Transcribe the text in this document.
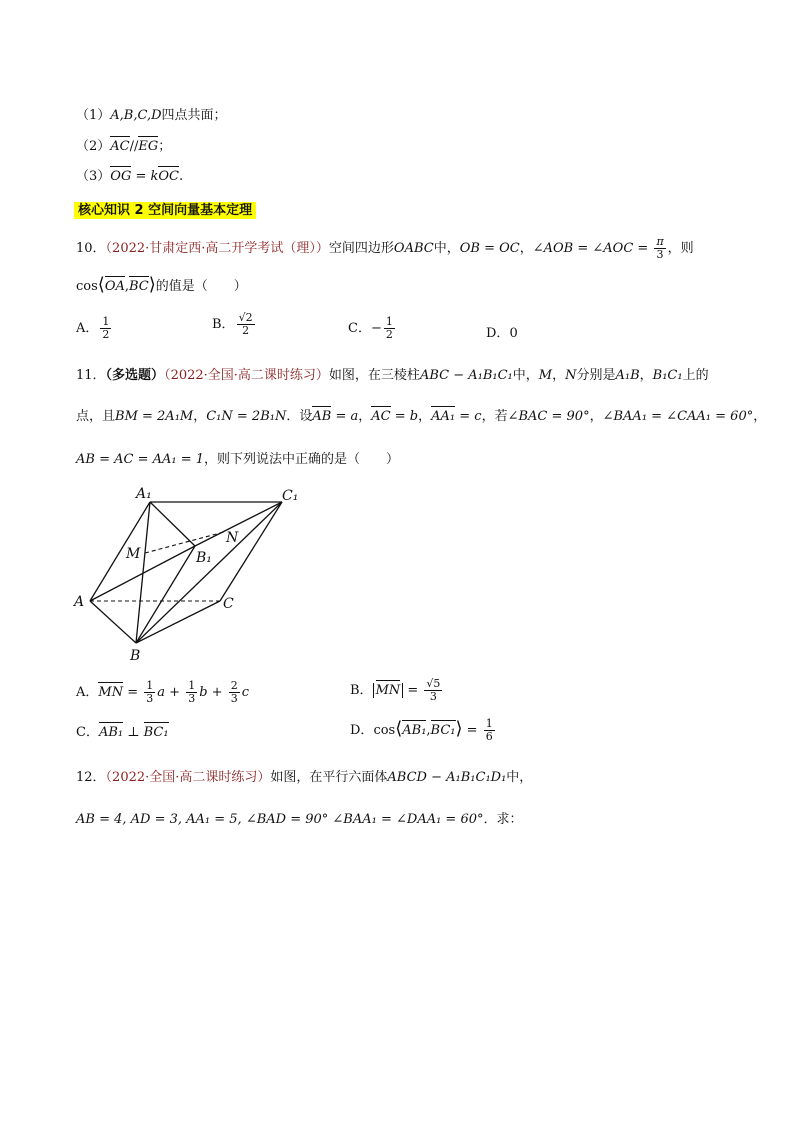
（1）A,B,C,D四点共面；
（2）AC//EG；
（3）OG = kOC.
核心知识 2 空间向量基本定理
10．（2022·甘肃定西·高二开学考试（理））空间四边形OABC中，OB = OC，∠AOB = ∠AOC = $\frac{\pi}{3}$ ，则
cos⟨OA,BC⟩的值是（　　）
A． $\frac{1}{2}$	B． $\frac{√2}{2}$	C．− $\frac{1}{2}$	D．0
11．（多选题）（2022·全国·高二课时练习）如图，在三棱柱ABC − A₁B₁C₁中，M，N分别是A₁B，B₁C₁上的
点，且BM = 2A₁M，C₁N = 2B₁N．设AB = a，AC = b，AA₁ = c，若∠BAC = 90°，∠BAA₁ = ∠CAA₁ = 60°，
AB = AC = AA₁ = 1，则下列说法中正确的是（　　）
A₁	C₁
M
N
B₁
A	C
B
A．MN = $\frac{1}{3}$ $a + \frac{1}{3}$ $b + \frac{2}{3}$ c	B． MN = $\frac{√5}{3}$
C．AB₁ ⊥ BC₁	D．cos⟨AB₁,BC₁⟩ = $\frac{1}{6}$
12．（2022·全国·高二课时练习）如图，在平行六面体ABCD − A₁B₁C₁D₁中，
AB = 4, AD = 3, AA₁ = 5, ∠BAD = 90° ∠BAA₁ = ∠DAA₁ = 60°．求：
